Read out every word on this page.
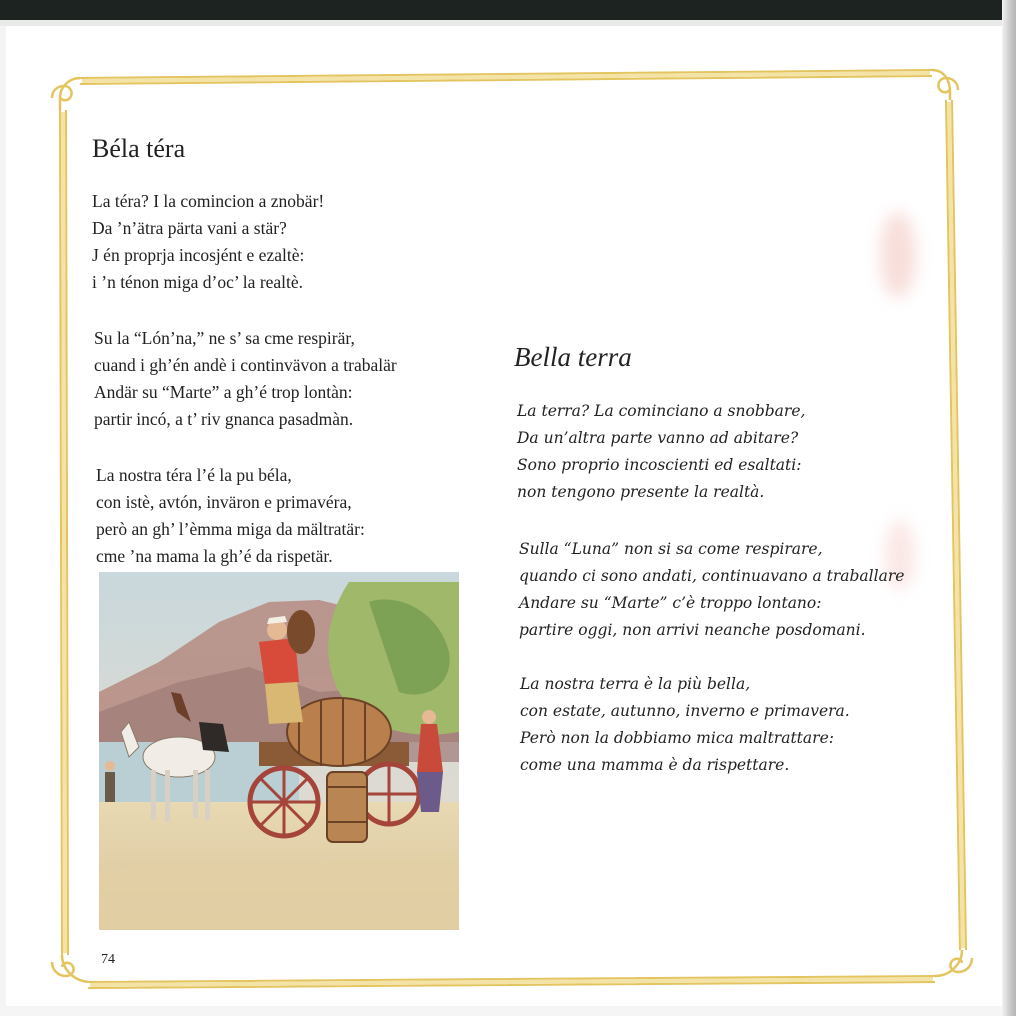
Béla téra

La téra? I la comincion a znobär!
Da ’n’ätra pärta vani a stär?
J én proprja incosjént e ezaltè:
i ’n ténon miga d’oc’ la realtè.

Su la “Lón’na,” ne s’ sa cme respirär,
cuand i gh’én andè i continvävon a trabalär
Andär su “Marte” a gh’é trop lontàn:
partir incó, a t’ riv gnanca pasadmàn.

La nostra téra l’é la pu béla,
con istè, avtón, inväron e primavéra,
però an gh’ l’èmma miga da mältratär:
cme ’na mama la gh’é da rispetär.

Bella terra

La terra? La cominciano a snobbare,
Da un’altra parte vanno ad abitare?
Sono proprio incoscienti ed esaltati:
non tengono presente la realtà.

Sulla “Luna” non si sa come respirare,
quando ci sono andati, continuavano a traballare
Andare su “Marte” c’è troppo lontano:
partire oggi, non arrivi neanche posdomani.

La nostra terra è la più bella,
con estate, autunno, inverno e primavera.
Però non la dobbiamo mica maltrattare:
come una mamma è da rispettare.

74
